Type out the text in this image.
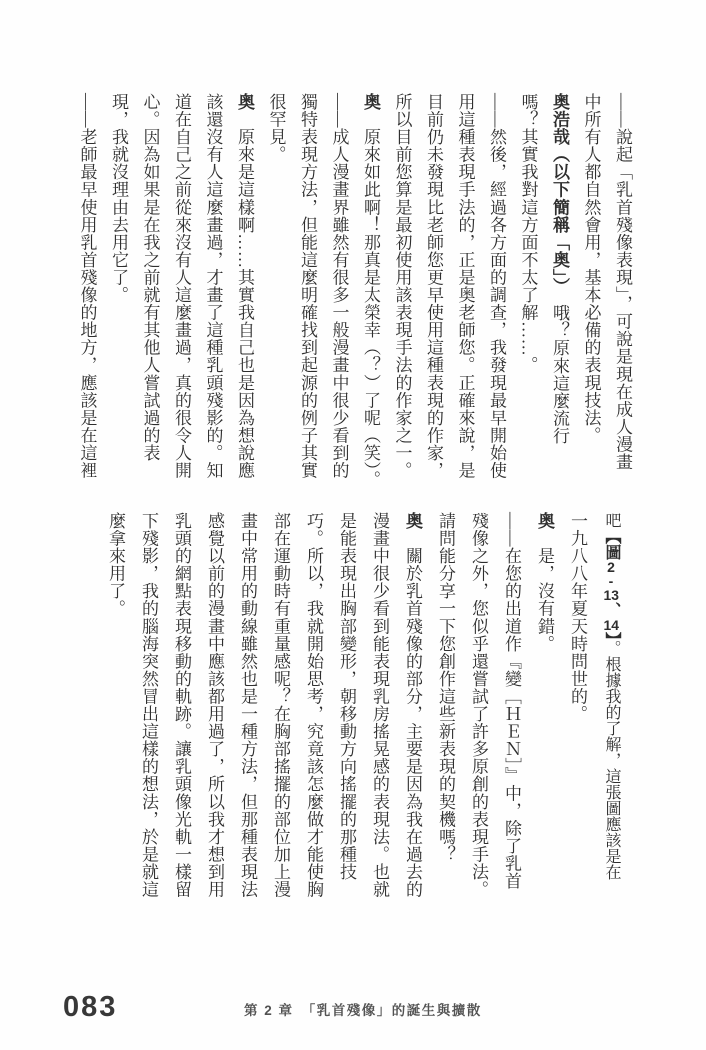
——說起「乳首殘像表現」，可說是現在成人漫畫
中所有人都自然會用，基本必備的表現技法。
奥浩哉（以下簡稱「奥」）　哦？原來這麼流行
嗎？其實我對這方面不太了解……。
——然後，經過各方面的調查，我發現最早開始使
用這種表現手法的，正是奥老師您。正確來說，是
目前仍未發現比老師您更早使用這種表現的作家，
所以目前您算是最初使用該表現手法的作家之一。
奥　原來如此啊！那真是太榮幸（？）了呢（笑）。
——成人漫畫界雖然有很多一般漫畫中很少看到的
獨特表現方法，但能這麼明確找到起源的例子其實
很罕見。
奥　原來是這樣啊……其實我自己也是因為想說應
該還沒有人這麼畫過，才畫了這種乳頭殘影的。知
道在自己之前從來沒有人這麼畫過，真的很令人開
心。因為如果是在我之前就有其他人嘗試過的表
現，我就沒理由去用它了。
——老師最早使用乳首殘像的地方，應該是在這裡
吧【圖2-13、14】。根據我的了解，這張圖應該是在
一九八八年夏天時問世的。
奥　是，沒有錯。
——在您的出道作『變［ＨＥＮ］』中，除了乳首
殘像之外，您似乎還嘗試了許多原創的表現手法。
請問能分享一下您創作這些新表現的契機嗎？
奥　關於乳首殘像的部分，主要是因為我在過去的
漫畫中很少看到能表現乳房搖晃感的表現法。也就
是能表現出胸部變形，朝移動方向搖擺的那種技
巧。所以，我就開始思考，究竟該怎麼做才能使胸
部在運動時有重量感呢？在胸部搖擺的部位加上漫
畫中常用的動線雖然也是一種方法，但那種表現法
感覺以前的漫畫中應該都用過了，所以我才想到用
乳頭的網點表現移動的軌跡。讓乳頭像光軌一樣留
下殘影，我的腦海突然冒出這樣的想法，於是就這
麼拿來用了。
083	第 2 章　「乳首殘像」的誕生與擴散
